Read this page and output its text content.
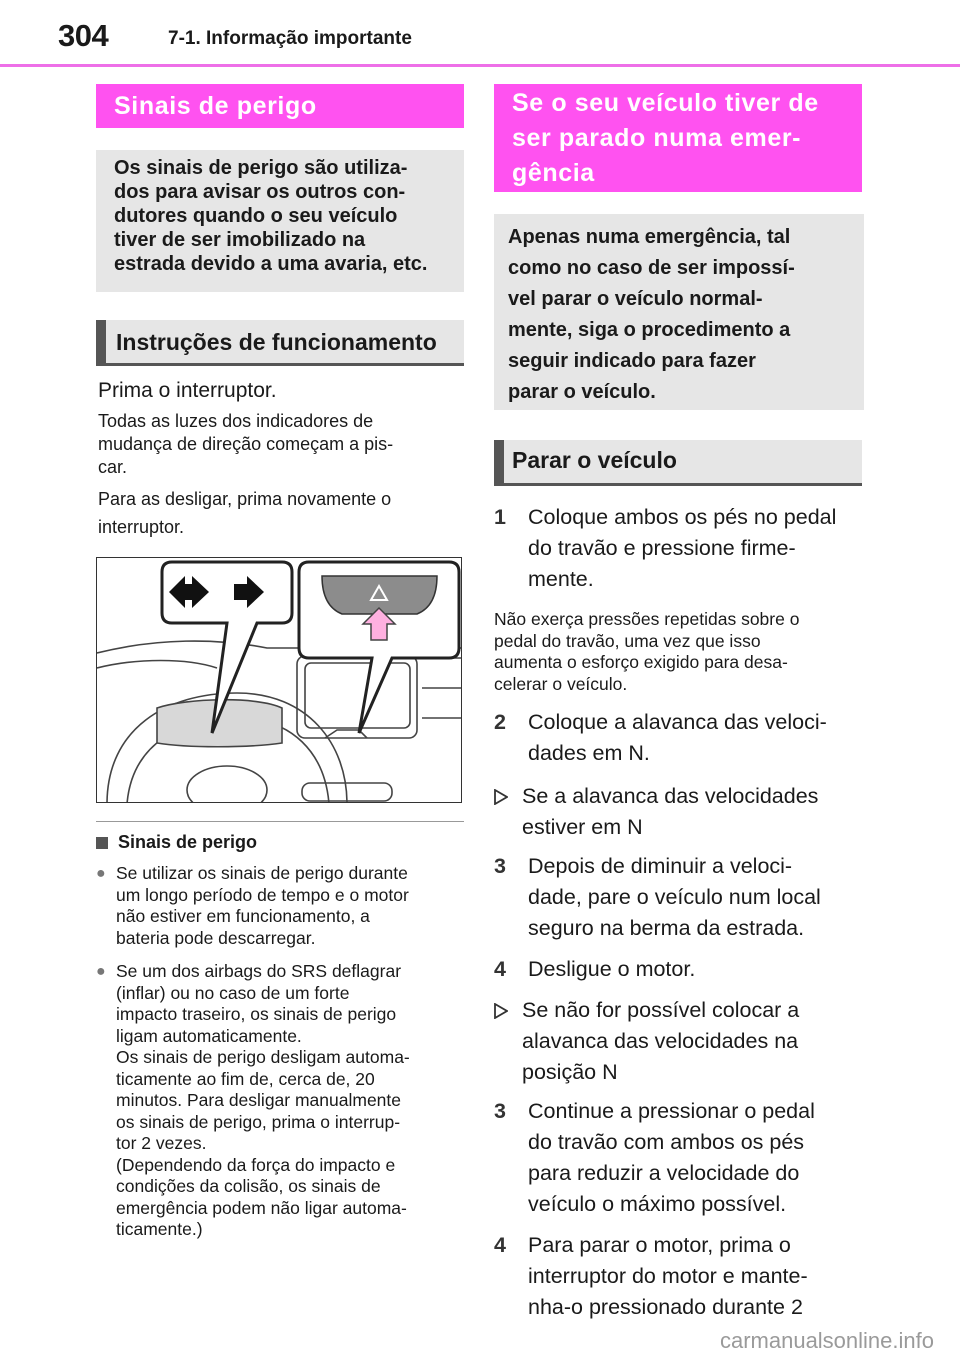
304	7-1. Informação importante
Sinais de perigo
Os sinais de perigo são utiliza-
dos para avisar os outros con-
dutores quando o seu veículo
tiver de ser imobilizado na
estrada devido a uma avaria, etc.
Instruções de funcionamento
Prima o interruptor.
Todas as luzes dos indicadores de
mudança de direção começam a pis-
car.
Para as desligar, prima novamente o
interruptor.
Sinais de perigo
● Se utilizar os sinais de perigo durante
um longo período de tempo e o motor
não estiver em funcionamento, a
bateria pode descarregar.
● Se um dos airbags do SRS deflagrar
(inflar) ou no caso de um forte
impacto traseiro, os sinais de perigo
ligam automaticamente.
Os sinais de perigo desligam automa-
ticamente ao fim de, cerca de, 20
minutos. Para desligar manualmente
os sinais de perigo, prima o interrup-
tor 2 vezes.
(Dependendo da força do impacto e
condições da colisão, os sinais de
emergência podem não ligar automa-
ticamente.)
Se o seu veículo tiver de
ser parado numa emer-
gência
Apenas numa emergência, tal
como no caso de ser impossí-
vel parar o veículo normal-
mente, siga o procedimento a
seguir indicado para fazer
parar o veículo.
Parar o veículo
1	Coloque ambos os pés no pedal
do travão e pressione firme-
mente.
Não exerça pressões repetidas sobre o
pedal do travão, uma vez que isso
aumenta o esforço exigido para desa-
celerar o veículo.
2	Coloque a alavanca das veloci-
dades em N.
Se a alavanca das velocidades
estiver em N
3	Depois de diminuir a veloci-
dade, pare o veículo num local
seguro na berma da estrada.
4	Desligue o motor.
Se não for possível colocar a
alavanca das velocidades na
posição N
3	Continue a pressionar o pedal
do travão com ambos os pés
para reduzir a velocidade do
veículo o máximo possível.
4	Para parar o motor, prima o
interruptor do motor e mante-
nha-o pressionado durante 2
carmanualsonline.info
